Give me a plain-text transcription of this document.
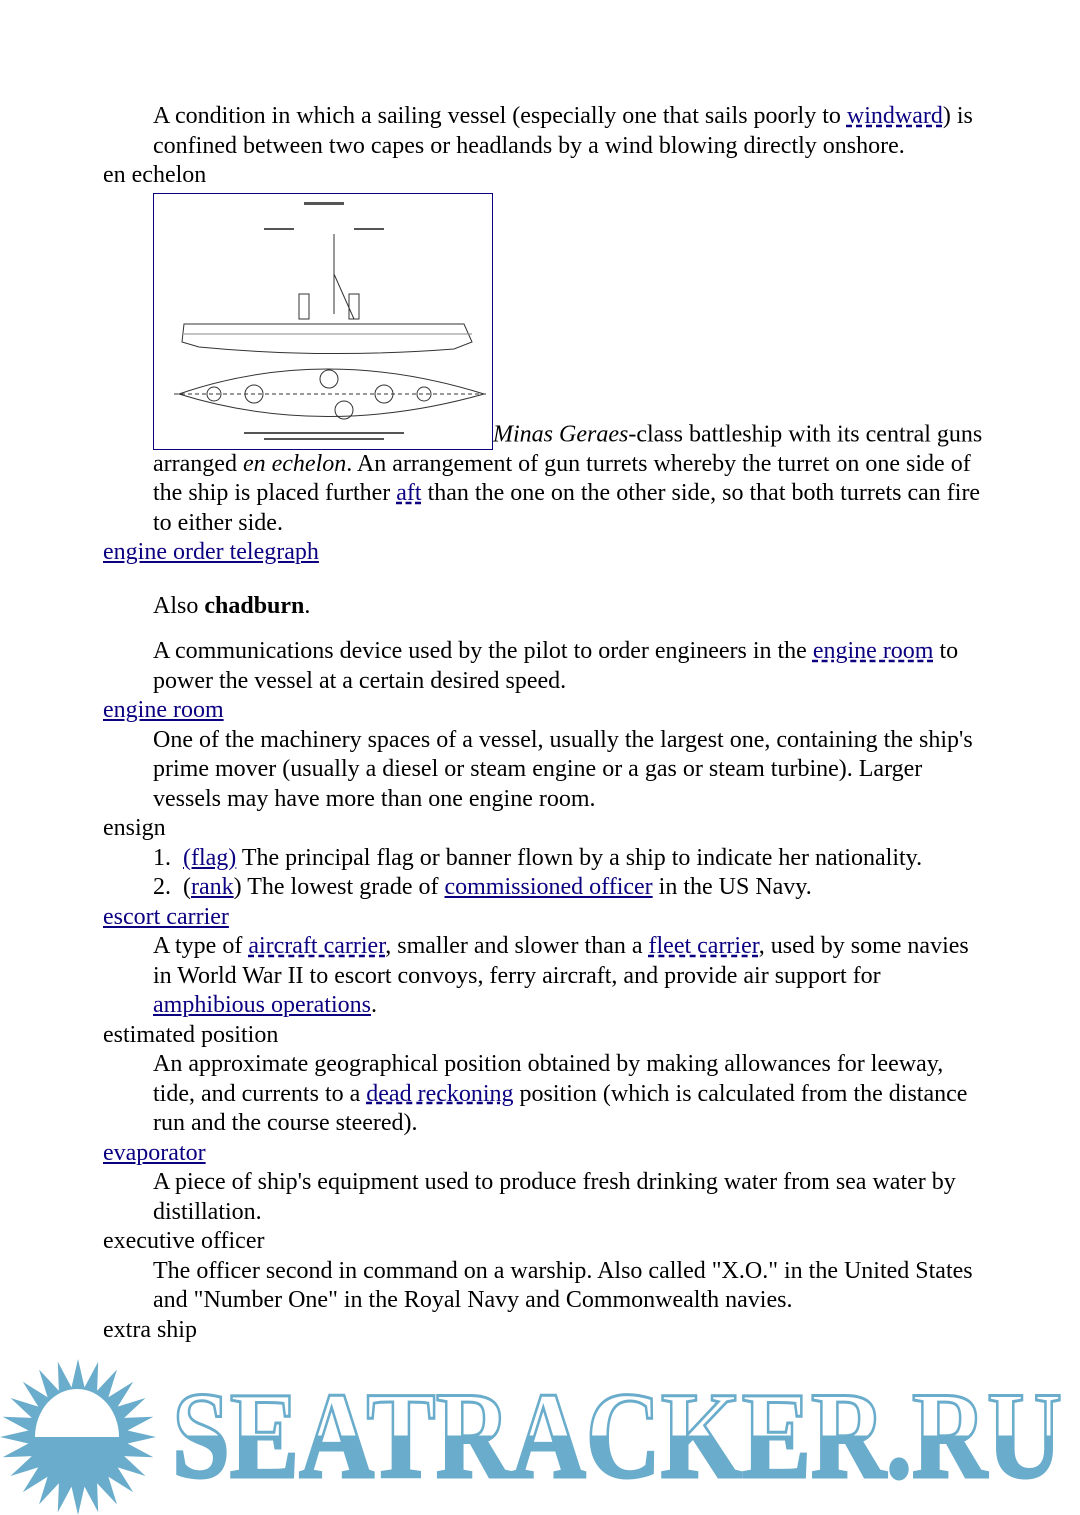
A condition in which a sailing vessel (especially one that sails poorly to windward) is confined between two capes or headlands by a wind blowing directly onshore.

en echelon

Minas Geraes-class battleship with its central guns arranged en echelon. An arrangement of gun turrets whereby the turret on one side of the ship is placed further aft than the one on the other side, so that both turrets can fire to either side.

engine order telegraph

Also chadburn.

A communications device used by the pilot to order engineers in the engine room to power the vessel at a certain desired speed.

engine room

One of the machinery spaces of a vessel, usually the largest one, containing the ship's prime mover (usually a diesel or steam engine or a gas or steam turbine). Larger vessels may have more than one engine room.

ensign

1. (flag) The principal flag or banner flown by a ship to indicate her nationality.

2. (rank) The lowest grade of commissioned officer in the US Navy.

escort carrier

A type of aircraft carrier, smaller and slower than a fleet carrier, used by some navies in World War II to escort convoys, ferry aircraft, and provide air support for amphibious operations.

estimated position

An approximate geographical position obtained by making allowances for leeway, tide, and currents to a dead reckoning position (which is calculated from the distance run and the course steered).

evaporator

A piece of ship's equipment used to produce fresh drinking water from sea water by distillation.

executive officer

The officer second in command on a warship. Also called "X.O." in the United States and "Number One" in the Royal Navy and Commonwealth navies.

extra ship

SEATRACKER.RU
